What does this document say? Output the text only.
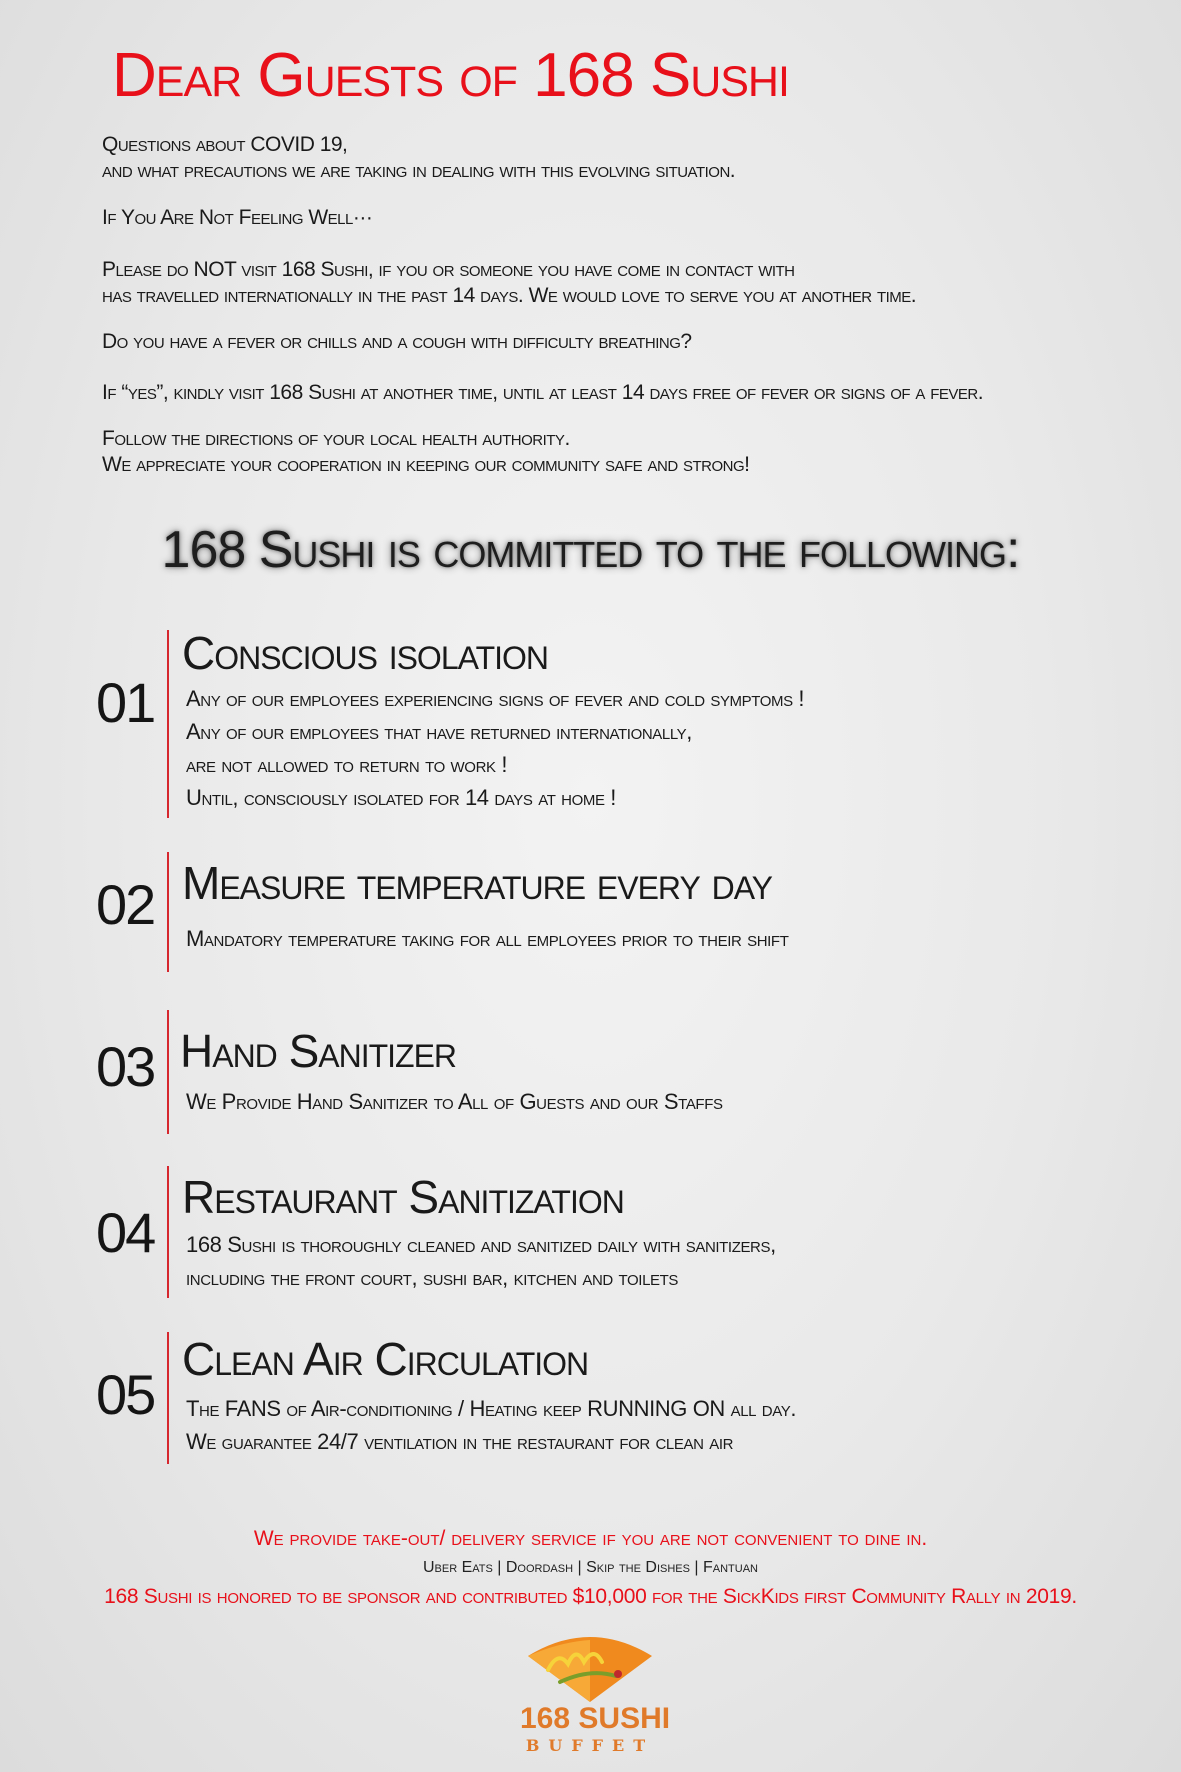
Dear Guests of 168 Sushi
Questions about COVID 19,
and what precautions we are taking in dealing with this evolving situation.
If You Are Not Feeling Well···
Please do NOT visit 168 Sushi, if you or someone you have come in contact with
has travelled internationally in the past 14 days. We would love to serve you at another time.
Do you have a fever or chills and a cough with difficulty breathing?
If “yes”, kindly visit 168 Sushi at another time, until at least 14 days free of fever or signs of a fever.
Follow the directions of your local health authority.
We appreciate your cooperation in keeping our community safe and strong!
168 Sushi is committed to the following:
01
Conscious isolation
Any of our employees experiencing signs of fever and cold symptoms !
Any of our employees that have returned internationally,
are not allowed to return to work !
Until, consciously isolated for 14 days at home !
02 Measure temperature every day
Mandatory temperature taking for all employees prior to their shift
03 Hand Sanitizer
We Provide Hand Sanitizer to All of Guests and our Staffs
04
Restaurant Sanitization
168 Sushi is thoroughly cleaned and sanitized daily with sanitizers,
including the front court, sushi bar, kitchen and toilets
05
Clean Air Circulation
The FANS of Air-conditioning / Heating keep RUNNING ON all day.
We guarantee 24/7 ventilation in the restaurant for clean air
We provide take-out/ delivery service if you are not convenient to dine in.
Uber Eats | Doordash | Skip the Dishes | Fantuan
168 Sushi is honored to be sponsor and contributed $10,000 for the SickKids first Community Rally in 2019.
168 SUSHI
BUFFET
